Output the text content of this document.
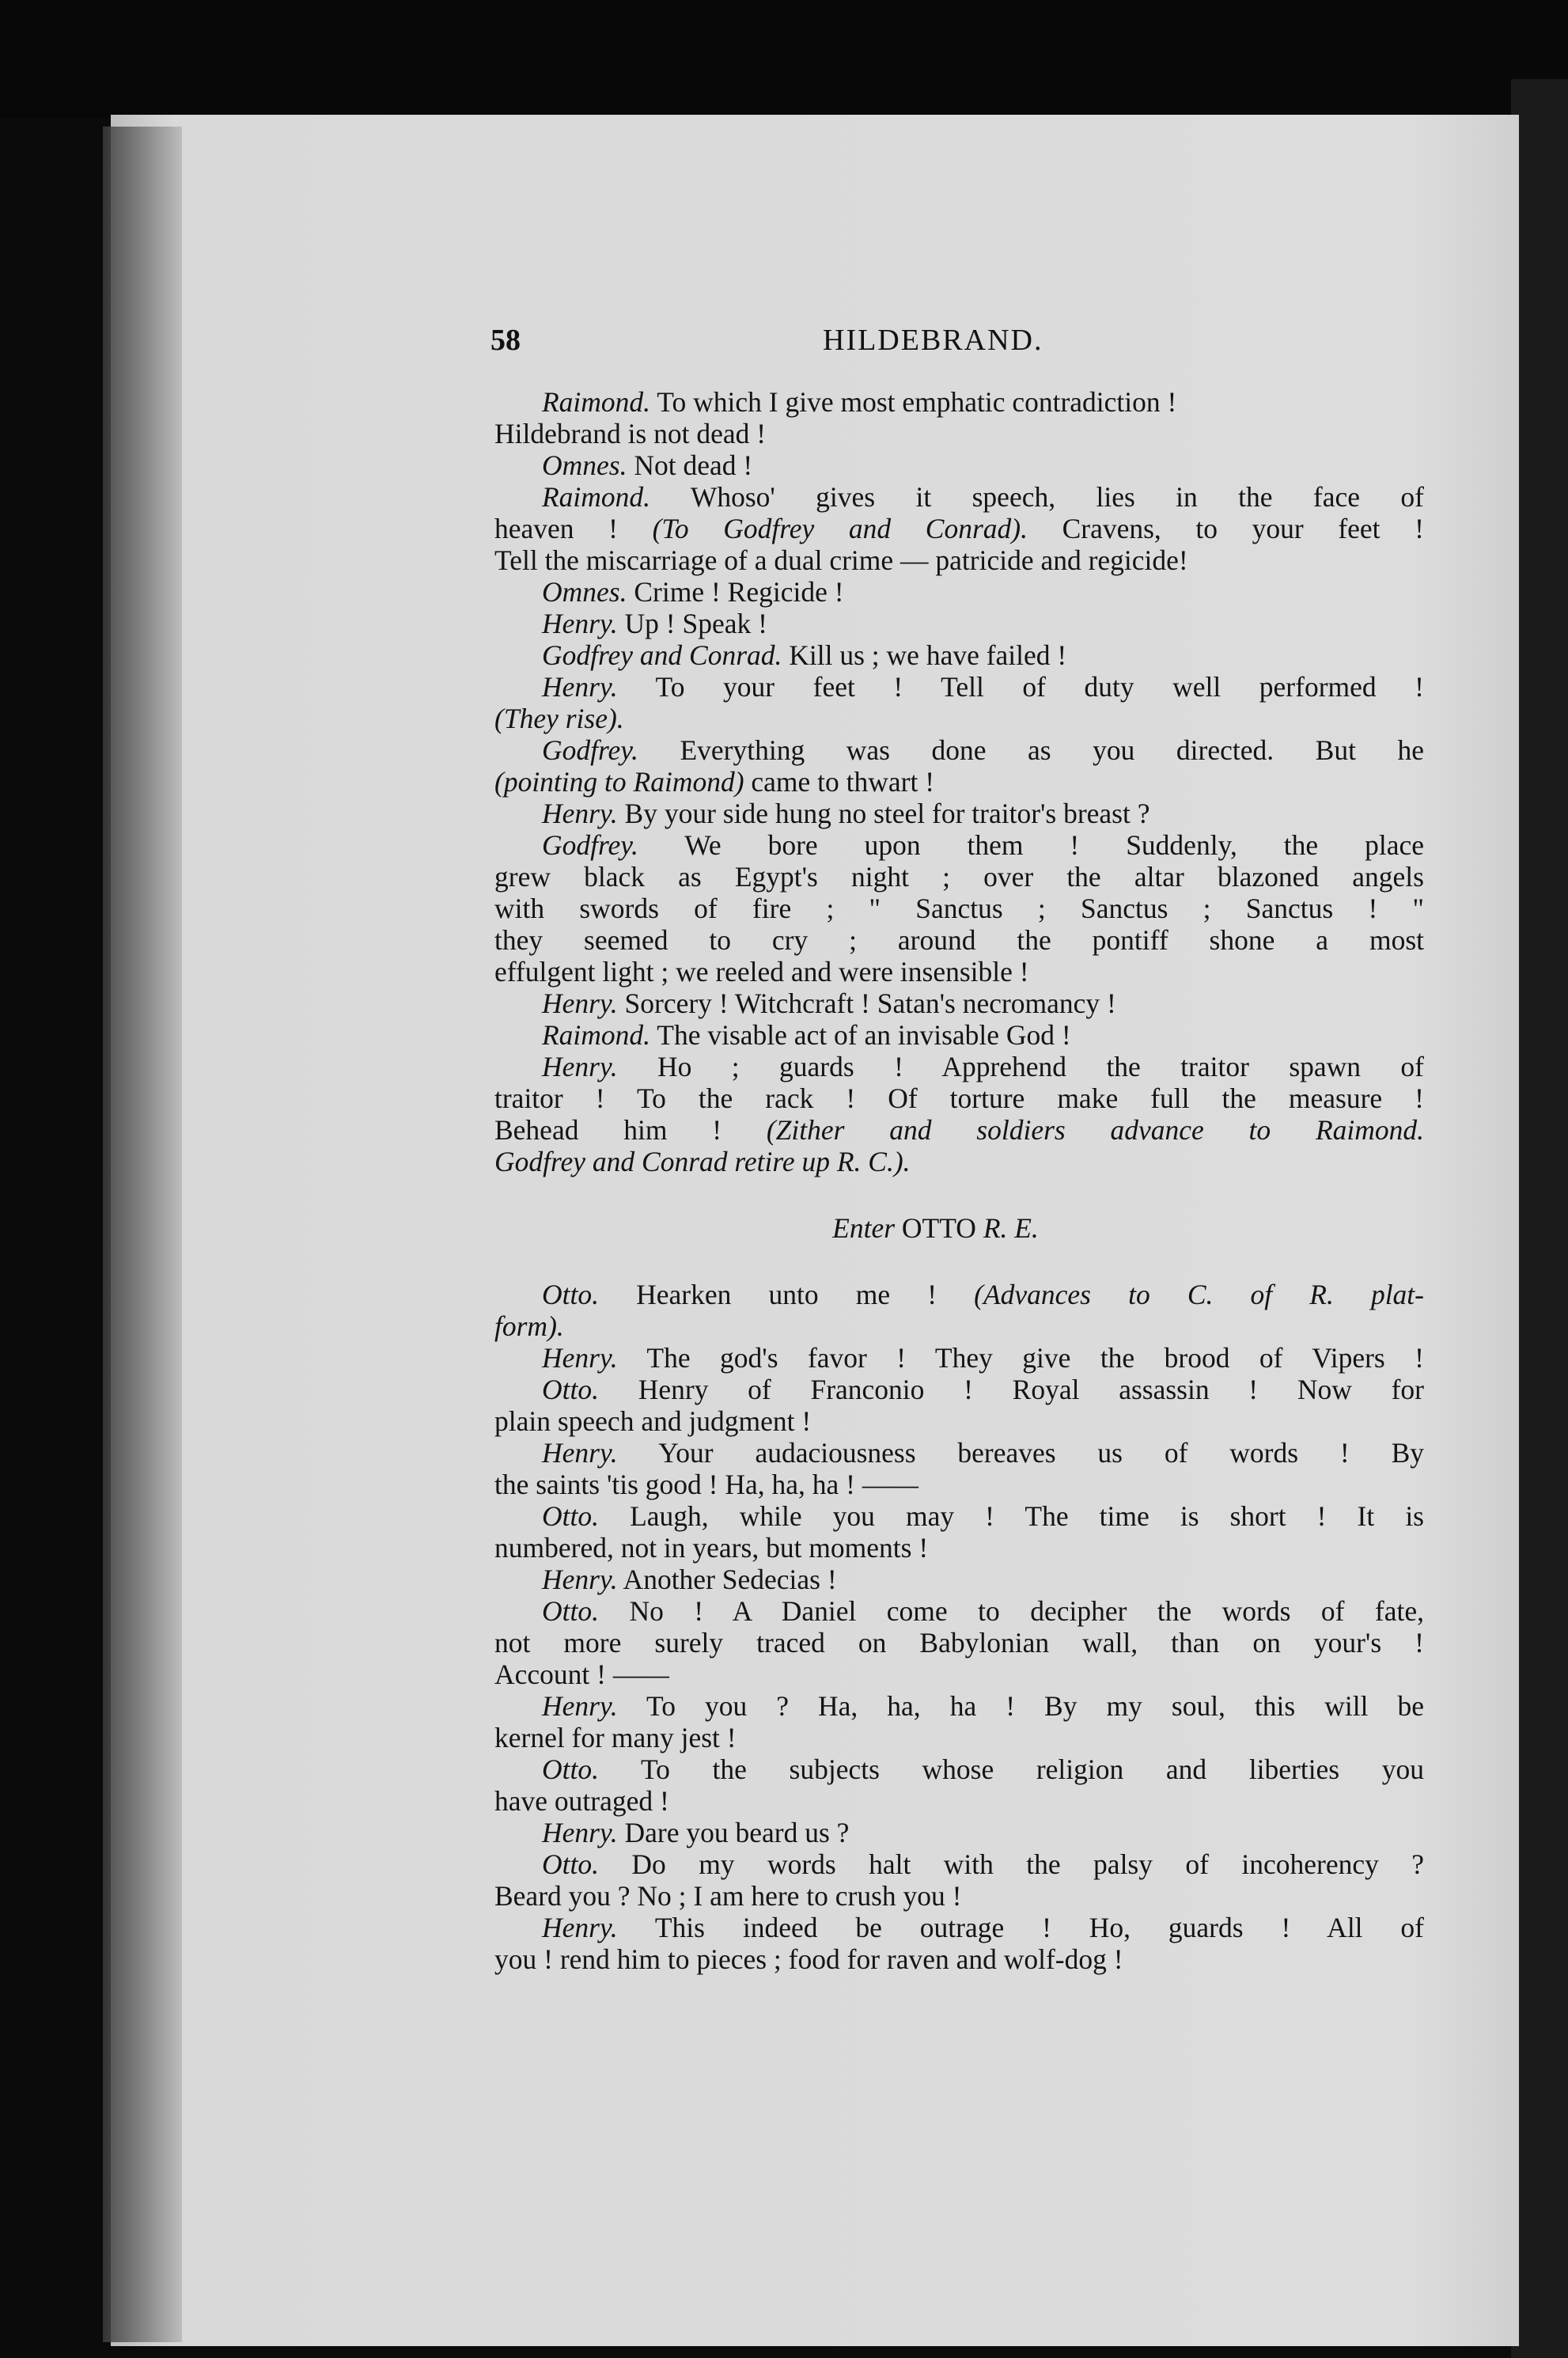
58	HILDEBRAND.
Raimond. To which I give most emphatic contradiction !
Hildebrand is not dead !
Omnes. Not dead !
Raimond. Whoso' gives it speech, lies in the face of
heaven ! (To Godfrey and Conrad). Cravens, to your feet !
Tell the miscarriage of a dual crime — patricide and regicide!
Omnes. Crime ! Regicide !
Henry. Up ! Speak !
Godfrey and Conrad. Kill us ; we have failed !
Henry. To your feet ! Tell of duty well performed !
(They rise).
Godfrey. Everything was done as you directed. But he
(pointing to Raimond) came to thwart !
Henry. By your side hung no steel for traitor's breast ?
Godfrey. We bore upon them ! Suddenly, the place
grew black as Egypt's night ; over the altar blazoned angels
with swords of fire ; " Sanctus ; Sanctus ; Sanctus ! "
they seemed to cry ; around the pontiff shone a most
effulgent light ; we reeled and were insensible !
Henry. Sorcery ! Witchcraft ! Satan's necromancy !
Raimond. The visable act of an invisable God !
Henry. Ho ; guards ! Apprehend the traitor spawn of
traitor ! To the rack ! Of torture make full the measure !
Behead him ! (Zither and soldiers advance to Raimond.
Godfrey and Conrad retire up R. C.).
Enter OTTO R. E.
Otto. Hearken unto me ! (Advances to C. of R. plat-
form).
Henry. The god's favor ! They give the brood of Vipers !
Otto. Henry of Franconio ! Royal assassin ! Now for
plain speech and judgment !
Henry. Your audaciousness bereaves us of words ! By
the saints 'tis good ! Ha, ha, ha ! ——
Otto. Laugh, while you may ! The time is short ! It is
numbered, not in years, but moments !
Henry. Another Sedecias !
Otto. No ! A Daniel come to decipher the words of fate,
not more surely traced on Babylonian wall, than on your's !
Account ! ——
Henry. To you ? Ha, ha, ha ! By my soul, this will be
kernel for many jest !
Otto. To the subjects whose religion and liberties you
have outraged !
Henry. Dare you beard us ?
Otto. Do my words halt with the palsy of incoherency ?
Beard you ? No ; I am here to crush you !
Henry. This indeed be outrage ! Ho, guards ! All of
you ! rend him to pieces ; food for raven and wolf-dog !
